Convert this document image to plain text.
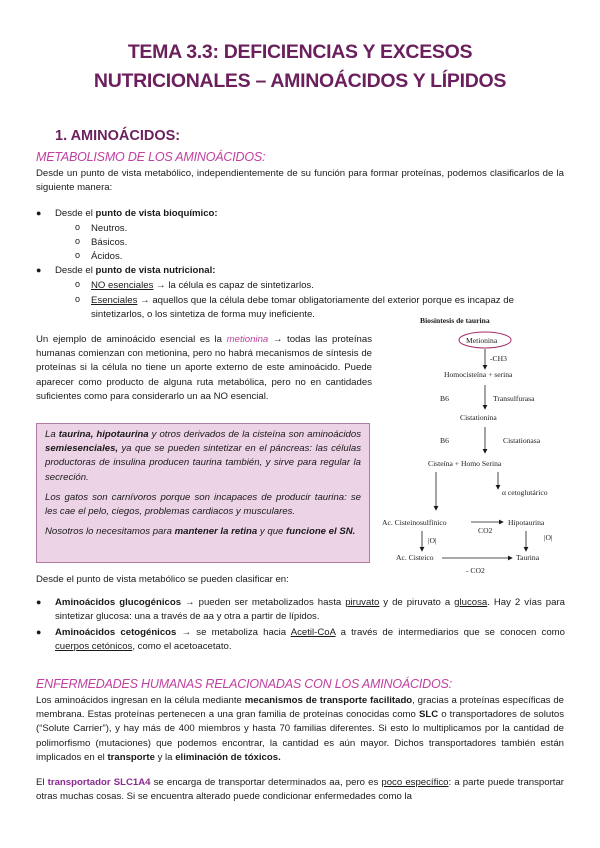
TEMA 3.3: DEFICIENCIAS Y EXCESOS
NUTRICIONALES – AMINOÁCIDOS Y LÍPIDOS
1. AMINOÁCIDOS:
METABOLISMO DE LOS AMINOÁCIDOS:
Desde un punto de vista metabólico, independientemente de su función para formar proteínas, podemos clasificarlos de la siguiente manera:
● Desde el punto de vista bioquímico:
o Neutros.
o Básicos.
o Ácidos.
● Desde el punto de vista nutricional:
o NO esenciales → la célula es capaz de sintetizarlos.
o Esenciales → aquellos que la célula debe tomar obligatoriamente del exterior porque es incapaz de sintetizarlos, o los sintetiza de forma muy ineficiente.
Un ejemplo de aminoácido esencial es la metionina → todas las proteínas humanas comienzan con metionina, pero no habrá mecanismos de síntesis de proteínas si la célula no tiene un aporte externo de este aminoácido. Puede aparecer como producto de alguna ruta metabólica, pero no en cantidades suficientes como para considerarlo un aa NO esencial.

La taurina, hipotaurina y otros derivados de la cisteína son aminoácidos semiesenciales, ya que se pueden sintetizar en el páncreas: las células productoras de insulina producen taurina también, y sirve para regular la secreción.

Los gatos son carnívoros porque son incapaces de producir taurina: se les cae el pelo, ciegos, problemas cardiacos y musculares.

Nosotros lo necesitamos para mantener la retina y que funcione el SN.

Biosíntesis de taurina
Metionina
-CH3
Homocisteína + serina
B6	Transulfurasa
Cistationina
B6	Cistationasa
Cisteína + Homo Serina
α cetoglutárico
Ac. Cisteinosulfínico
CO2
Hipotaurina
|O|	|O|
Ac. Cisteico	Taurina
- CO2
Desde el punto de vista metabólico se pueden clasificar en:
● Aminoácidos glucogénicos → pueden ser metabolizados hasta piruvato y de piruvato a glucosa. Hay 2 vías para sintetizar glucosa: una a través de aa y otra a partir de lípidos.
● Aminoácidos cetogénicos → se metaboliza hacia Acetil-CoA a través de intermediarios que se conocen como cuerpos cetónicos, como el acetoacetato.
ENFERMEDADES HUMANAS RELACIONADAS CON LOS AMINOÁCIDOS:
Los aminoácidos ingresan en la célula mediante mecanismos de transporte facilitado, gracias a proteínas específicas de membrana. Estas proteínas pertenecen a una gran familia de proteínas conocidas como SLC o transportadores de solutos (“Solute Carrier”), y hay más de 400 miembros y hasta 70 familias diferentes. Si esto lo multiplicamos por la cantidad de polimorfismo (mutaciones) que podemos encontrar, la cantidad es aún mayor. Dichos transportadores también están implicados en el transporte y la eliminación de tóxicos.
El transportador SLC1A4 se encarga de transportar determinados aa, pero es poco específico: a parte puede transportar otras muchas cosas. Si se encuentra alterado puede condicionar enfermedades como la
